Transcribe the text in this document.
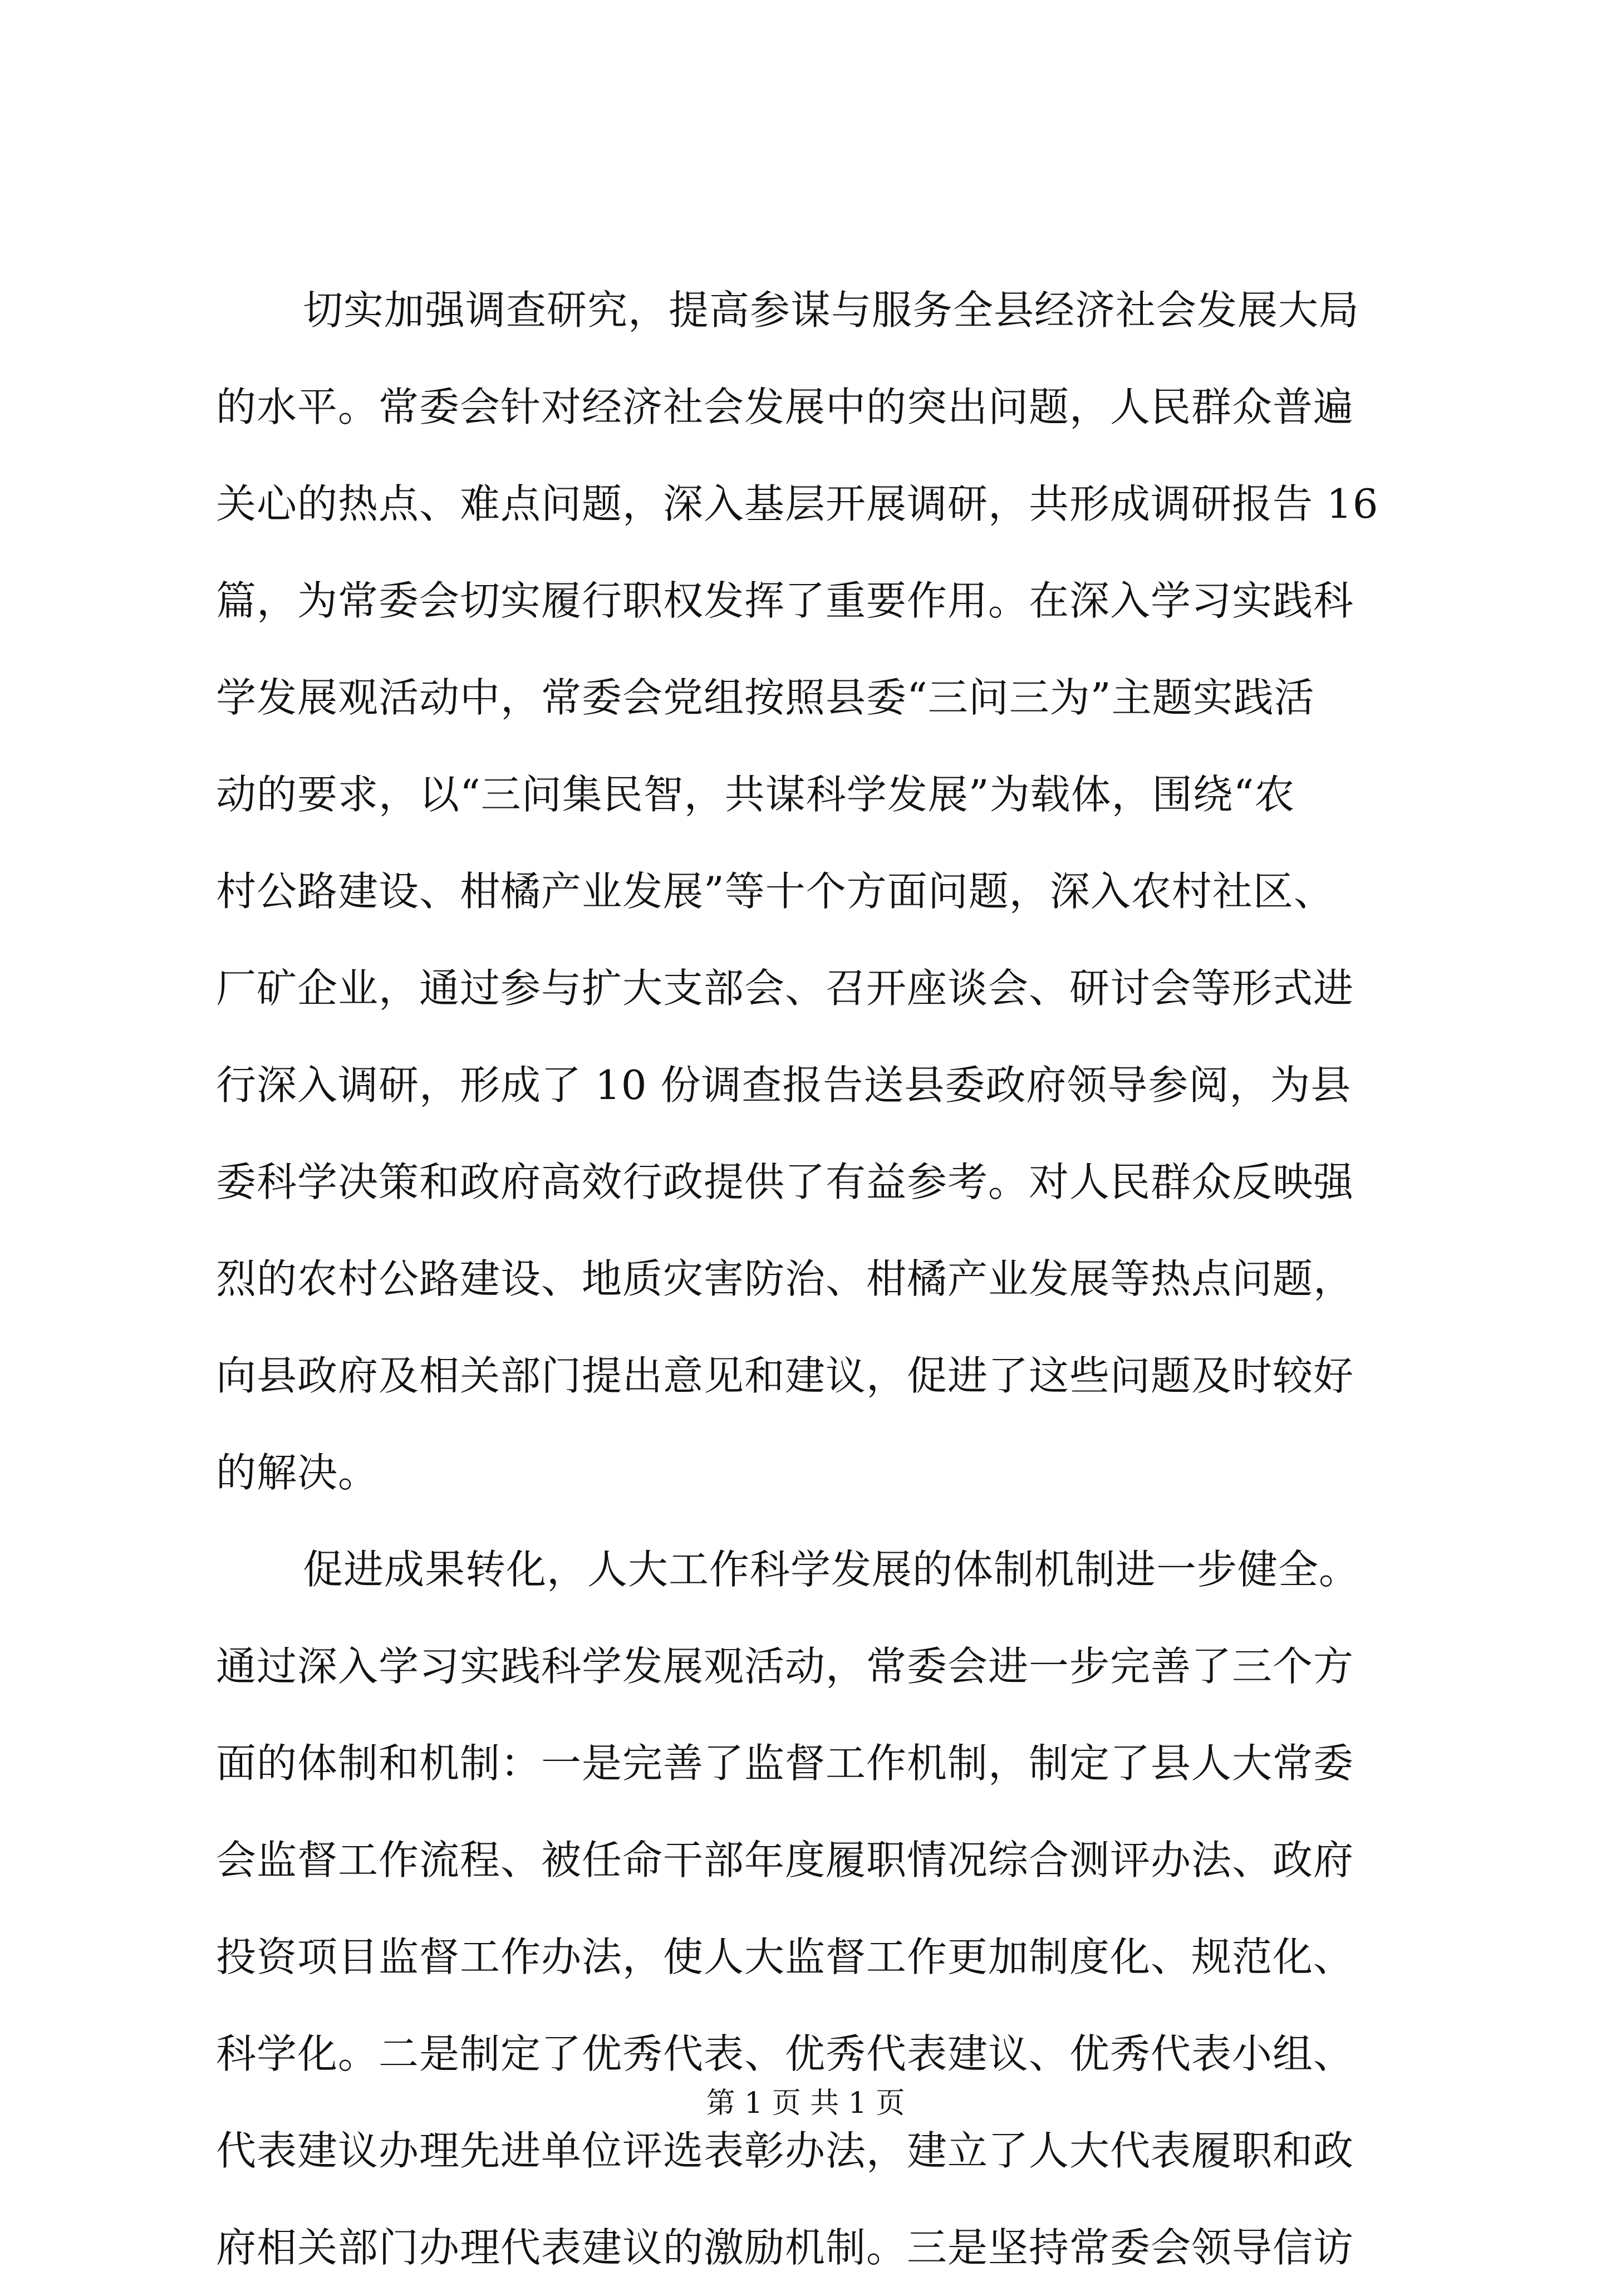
切实加强调查研究，提高参谋与服务全县经济社会发展大局
的水平。常委会针对经济社会发展中的突出问题，人民群众普遍
关心的热点、难点问题，深入基层开展调研，共形成调研报告 16
篇，为常委会切实履行职权发挥了重要作用。在深入学习实践科
学发展观活动中，常委会党组按照县委“三问三为”主题实践活
动的要求，以“三问集民智，共谋科学发展”为载体，围绕“农
村公路建设、柑橘产业发展”等十个方面问题，深入农村社区、
厂矿企业，通过参与扩大支部会、召开座谈会、研讨会等形式进
行深入调研，形成了 10 份调查报告送县委政府领导参阅，为县
委科学决策和政府高效行政提供了有益参考。对人民群众反映强
烈的农村公路建设、地质灾害防治、柑橘产业发展等热点问题，
向县政府及相关部门提出意见和建议，促进了这些问题及时较好
的解决。
促进成果转化，人大工作科学发展的体制机制进一步健全。
通过深入学习实践科学发展观活动，常委会进一步完善了三个方
面的体制和机制：一是完善了监督工作机制，制定了县人大常委
会监督工作流程、被任命干部年度履职情况综合测评办法、政府
投资项目监督工作办法，使人大监督工作更加制度化、规范化、
科学化。二是制定了优秀代表、优秀代表建议、优秀代表小组、
代表建议办理先进单位评选表彰办法，建立了人大代表履职和政
府相关部门办理代表建议的激励机制。三是坚持常委会领导信访
第 1 页 共 1 页
